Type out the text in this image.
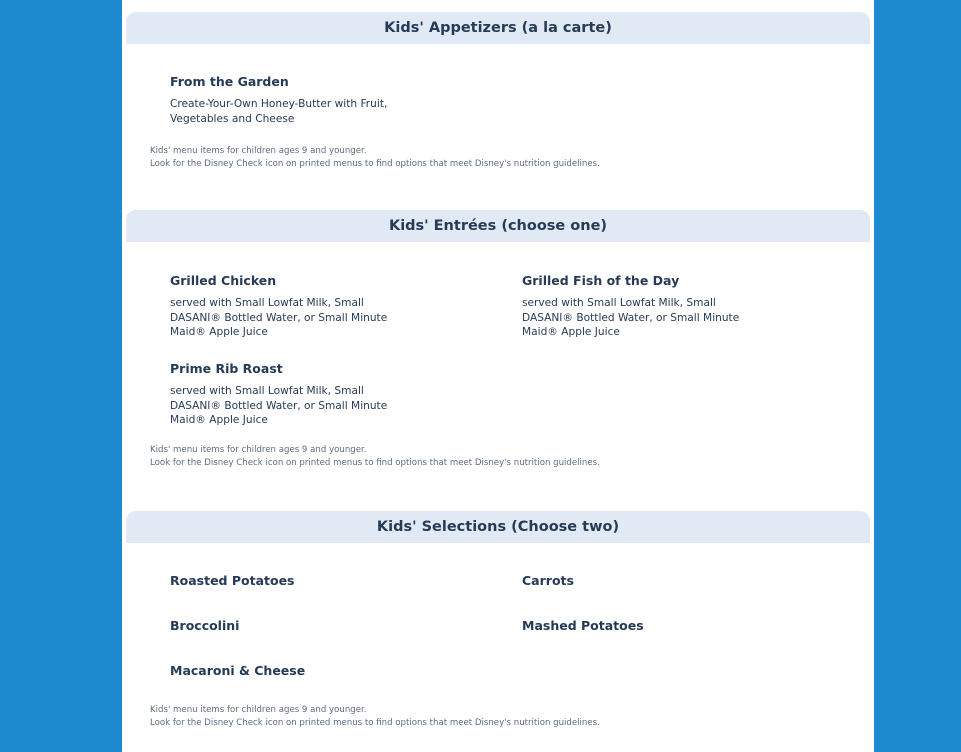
Kids' Appetizers (a la carte)
From the Garden
Create-Your-Own Honey-Butter with Fruit, Vegetables and Cheese
Kids' menu items for children ages 9 and younger.
Look for the Disney Check icon on printed menus to find options that meet Disney's nutrition guidelines.
Kids' Entrées (choose one)
Grilled Chicken
served with Small Lowfat Milk, Small DASANI® Bottled Water, or Small Minute Maid® Apple Juice
Grilled Fish of the Day
served with Small Lowfat Milk, Small DASANI® Bottled Water, or Small Minute Maid® Apple Juice
Prime Rib Roast
served with Small Lowfat Milk, Small DASANI® Bottled Water, or Small Minute Maid® Apple Juice
Kids' menu items for children ages 9 and younger.
Look for the Disney Check icon on printed menus to find options that meet Disney's nutrition guidelines.
Kids' Selections (Choose two)
Roasted Potatoes	Carrots
Broccolini	Mashed Potatoes
Macaroni & Cheese
Kids' menu items for children ages 9 and younger.
Look for the Disney Check icon on printed menus to find options that meet Disney's nutrition guidelines.
